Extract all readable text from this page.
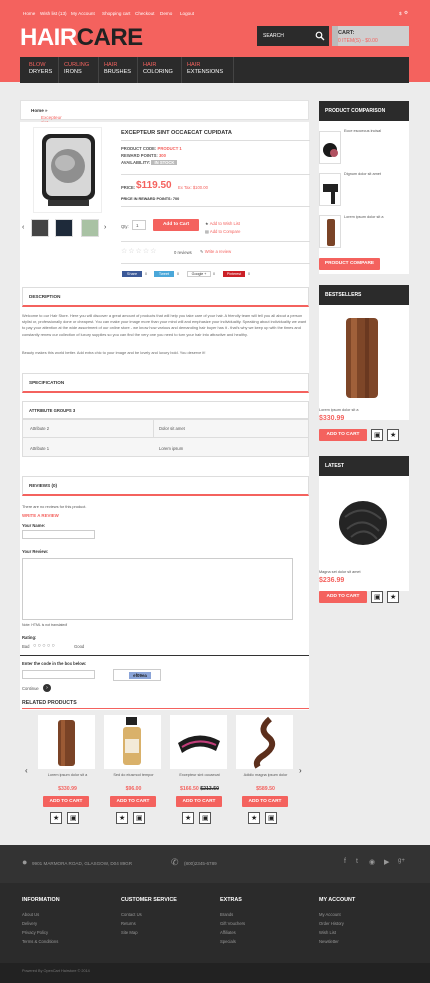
Home Wish list (13) My Account Shopping cart Checkout Demo Logout	$ ⚙
HAIRCARE	SEARCH	CART:
0 ITEM(S) - $0.00
BLOW
DRYERS
CURLING
IRONS
HAIR
BRUSHES
HAIR
COLORING
HAIR
EXTENSIONS
Home »
Excepteur
‹	›
EXCEPTEUR SINT OCCAECAT CUPIDATA
PRODUCT CODE: PRODUCT 1
REWARD POINTS: 300
AVAILABILITY: IN STOCK
PRICE: $119.50 Ex Tax: $100.00
PRICE IN REWARD POINTS: 700
Qty:	1	Add to Cart	★ Add to Wish List
▤ Add to Compare
☆☆☆☆☆	0 reviews ✎ Write a review
Share	0	Tweet	0	Google +	0	Pinterest	0
DESCRIPTION
Welcome to our Hair Store. Here you will discover a great amount of products that will help you take care of your hair. A friendly team will tell you all about a person stylist or, professionally done or cheapest. You can make your image more than your mind will and emphasize your individuality. Speaking about individuality we want to pay your attention at the wide assortment of our online store - we know how various and demanding hair buyer has it - that's why we keep up with the times and constantly renew our collection of luxury supplies so you can find the very one you need to turn your hair into attractive and healthy.
Beauty makes this world better. Add extra chic to your image and be lovely and luxury bold. You deserve it!
SPECIFICATION
ATTRIBUTE GROUPS 3
Attribute 2	Dolor sit amet
Attribute 1	Lorem ipsum
REVIEWS (0)
There are no reviews for this product.
WRITE A REVIEW
Your Name:
Your Review:
Note: HTML is not translated!
Rating:
Bad ○○○○○	Good
Enter the code in the box below:
ef09ea
Continue	›
RELATED PRODUCTS
‹	›
Lorem ipsum dolor sit a
$330.99
ADD TO CART
★ ▣
Sed do eiusmod tempor
$96.00
ADD TO CART
★ ▣
Excepteur sint occaecat
$166.50 $213.50
ADD TO CART
★ ▣
Adidic magna ipsum dolor
$589.50
ADD TO CART
★ ▣
PRODUCT COMPARISON
Ecce esocecus incisal
Dignum dolor sit amet
Lorem ipsum dolor sit a
PRODUCT COMPARE
BESTSELLERS
Lorem ipsum dolor sit a
$330.99
ADD TO CART	▣ ★
LATEST
Magna set dolor sit amet
$236.99
ADD TO CART	▣ ★
● 9901 MARMORA ROAD, GLASGOW, D04 89GR	✆ (800)2345-6789	f t ◉ ▶ g+
INFORMATION
About Us
Delivery
Privacy Policy
Terms & Conditions
CUSTOMER SERVICE
Contact Us
Returns
Site Map
EXTRAS
Brands
Gift Vouchers
Affiliates
Specials
MY ACCOUNT
My Account
Order History
Wish List
Newsletter
Powered By OpenCart Hairstore © 2014
